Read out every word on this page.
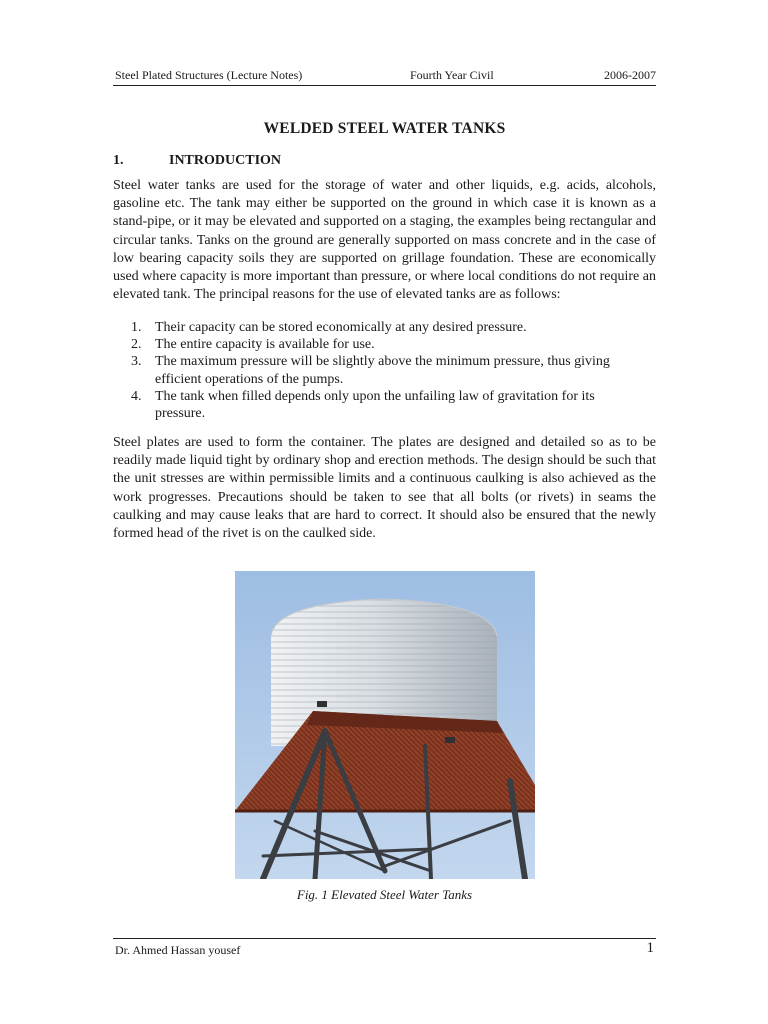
Steel Plated Structures (Lecture Notes)	Fourth Year Civil	2006-2007
WELDED STEEL WATER TANKS
1.	INTRODUCTION

Steel water tanks are used for the storage of water and other liquids, e.g. acids, alcohols, gasoline etc. The tank may either be supported on the ground in which case it is known as a stand-pipe, or it may be elevated and supported on a staging, the examples being rectangular and circular tanks. Tanks on the ground are generally supported on mass concrete and in the case of low bearing capacity soils they are supported on grillage foundation. These are economically used where capacity is more important than pressure, or where local conditions do not require an elevated tank. The principal reasons for the use of elevated tanks are as follows:

1. Their capacity can be stored economically at any desired pressure.
2. The entire capacity is available for use.
3. The maximum pressure will be slightly above the minimum pressure, thus giving efficient operations of the pumps.
4. The tank when filled depends only upon the unfailing law of gravitation for its pressure.

Steel plates are used to form the container. The plates are designed and detailed so as to be readily made liquid tight by ordinary shop and erection methods. The design should be such that the unit stresses are within permissible limits and a continuous caulking is also achieved as the work progresses. Precautions should be taken to see that all bolts (or rivets) in seams the caulking and may cause leaks that are hard to correct. It should also be ensured that the newly formed head of the rivet is on the caulked side.

Fig. 1 Elevated Steel Water Tanks
Dr. Ahmed Hassan yousef	1
